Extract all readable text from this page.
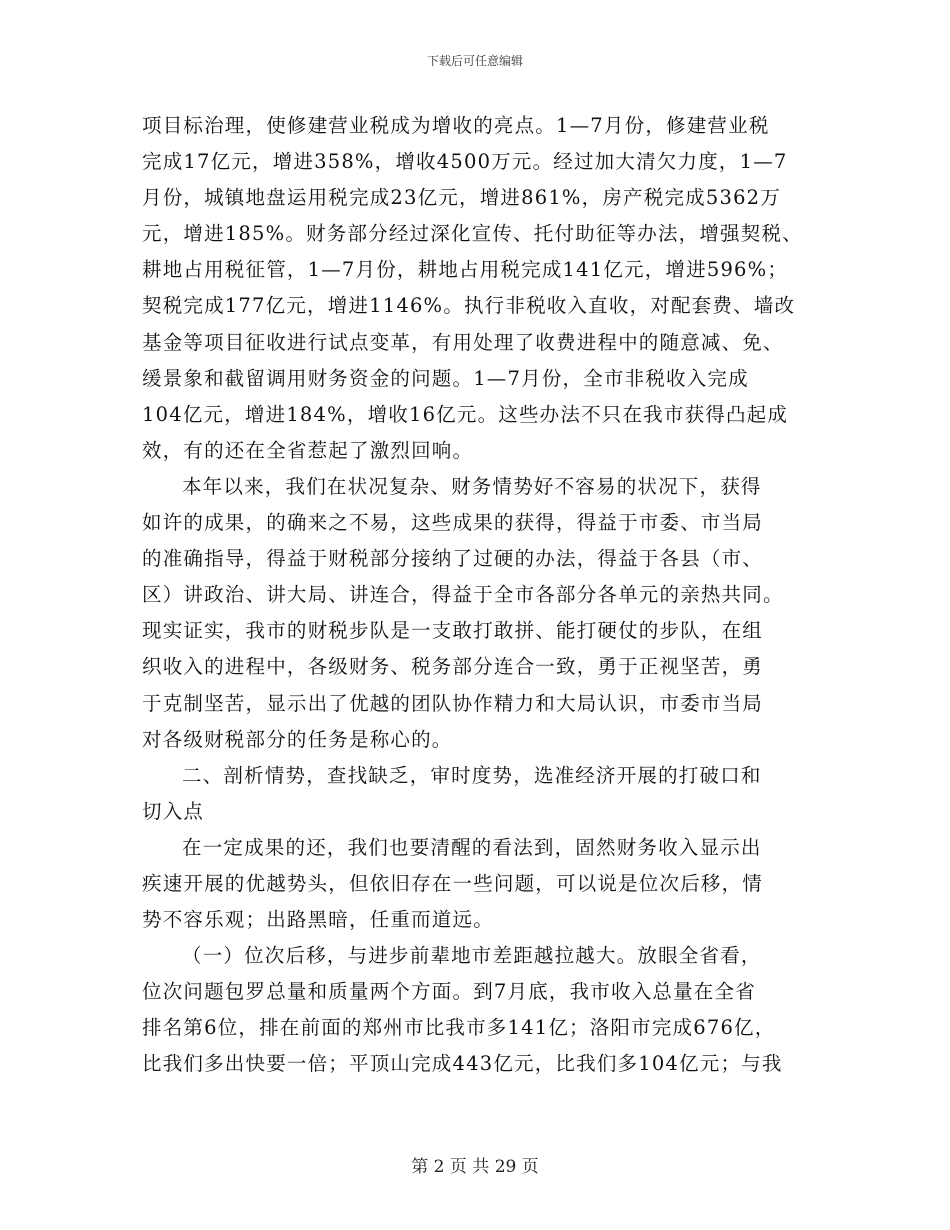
下载后可任意编辑

项目标治理，使修建营业税成为增收的亮点。1—7月份，修建营业税
完成17亿元，增进358%，增收4500万元。经过加大清欠力度，1—7
月份，城镇地盘运用税完成23亿元，增进861%，房产税完成5362万
元，增进185%。财务部分经过深化宣传、托付助征等办法，增强契税、
耕地占用税征管，1—7月份，耕地占用税完成141亿元，增进596%；
契税完成177亿元，增进1146%。执行非税收入直收，对配套费、墙改
基金等项目征收进行试点变革，有用处理了收费进程中的随意减、免、
缓景象和截留调用财务资金的问题。1—7月份，全市非税收入完成
104亿元，增进184%，增收16亿元。这些办法不只在我市获得凸起成
效，有的还在全省惹起了激烈回响。

本年以来，我们在状况复杂、财务情势好不容易的状况下，获得
如许的成果，的确来之不易，这些成果的获得，得益于市委、市当局
的准确指导，得益于财税部分接纳了过硬的办法，得益于各县（市、
区）讲政治、讲大局、讲连合，得益于全市各部分各单元的亲热共同。
现实证实，我市的财税步队是一支敢打敢拼、能打硬仗的步队，在组
织收入的进程中，各级财务、税务部分连合一致，勇于正视坚苦，勇
于克制坚苦，显示出了优越的团队协作精力和大局认识，市委市当局
对各级财税部分的任务是称心的。

二、剖析情势，查找缺乏，审时度势，选准经济开展的打破口和
切入点

在一定成果的还，我们也要清醒的看法到，固然财务收入显示出
疾速开展的优越势头，但依旧存在一些问题，可以说是位次后移，情
势不容乐观；出路黑暗，任重而道远。

（一）位次后移，与进步前辈地市差距越拉越大。放眼全省看，
位次问题包罗总量和质量两个方面。到7月底，我市收入总量在全省
排名第6位，排在前面的郑州市比我市多141亿；洛阳市完成676亿，
比我们多出快要一倍；平顶山完成443亿元，比我们多104亿元；与我

第 2 页 共 29 页
